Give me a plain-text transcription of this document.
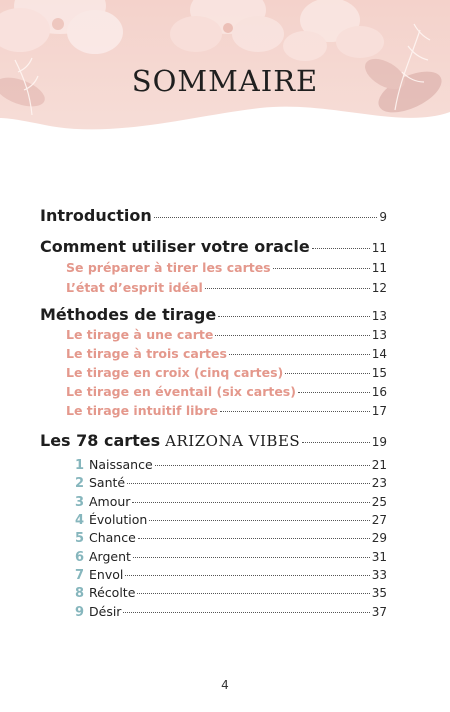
SOMMAIRE
Introduction	9
Comment utiliser votre oracle	11
Se préparer à tirer les cartes	11
L’état d’esprit idéal	12
Méthodes de tirage	13
Le tirage à une carte	13
Le tirage à trois cartes	14
Le tirage en croix (cinq cartes)	15
Le tirage en éventail (six cartes)	16
Le tirage intuitif libre	17
Les 78 cartes ARIZONA VIBES	19
1 Naissance	21
2 Santé	23
3 Amour	25
4 Évolution	27
5 Chance	29
6 Argent	31
7 Envol	33
8 Récolte	35
9 Désir	37
4
